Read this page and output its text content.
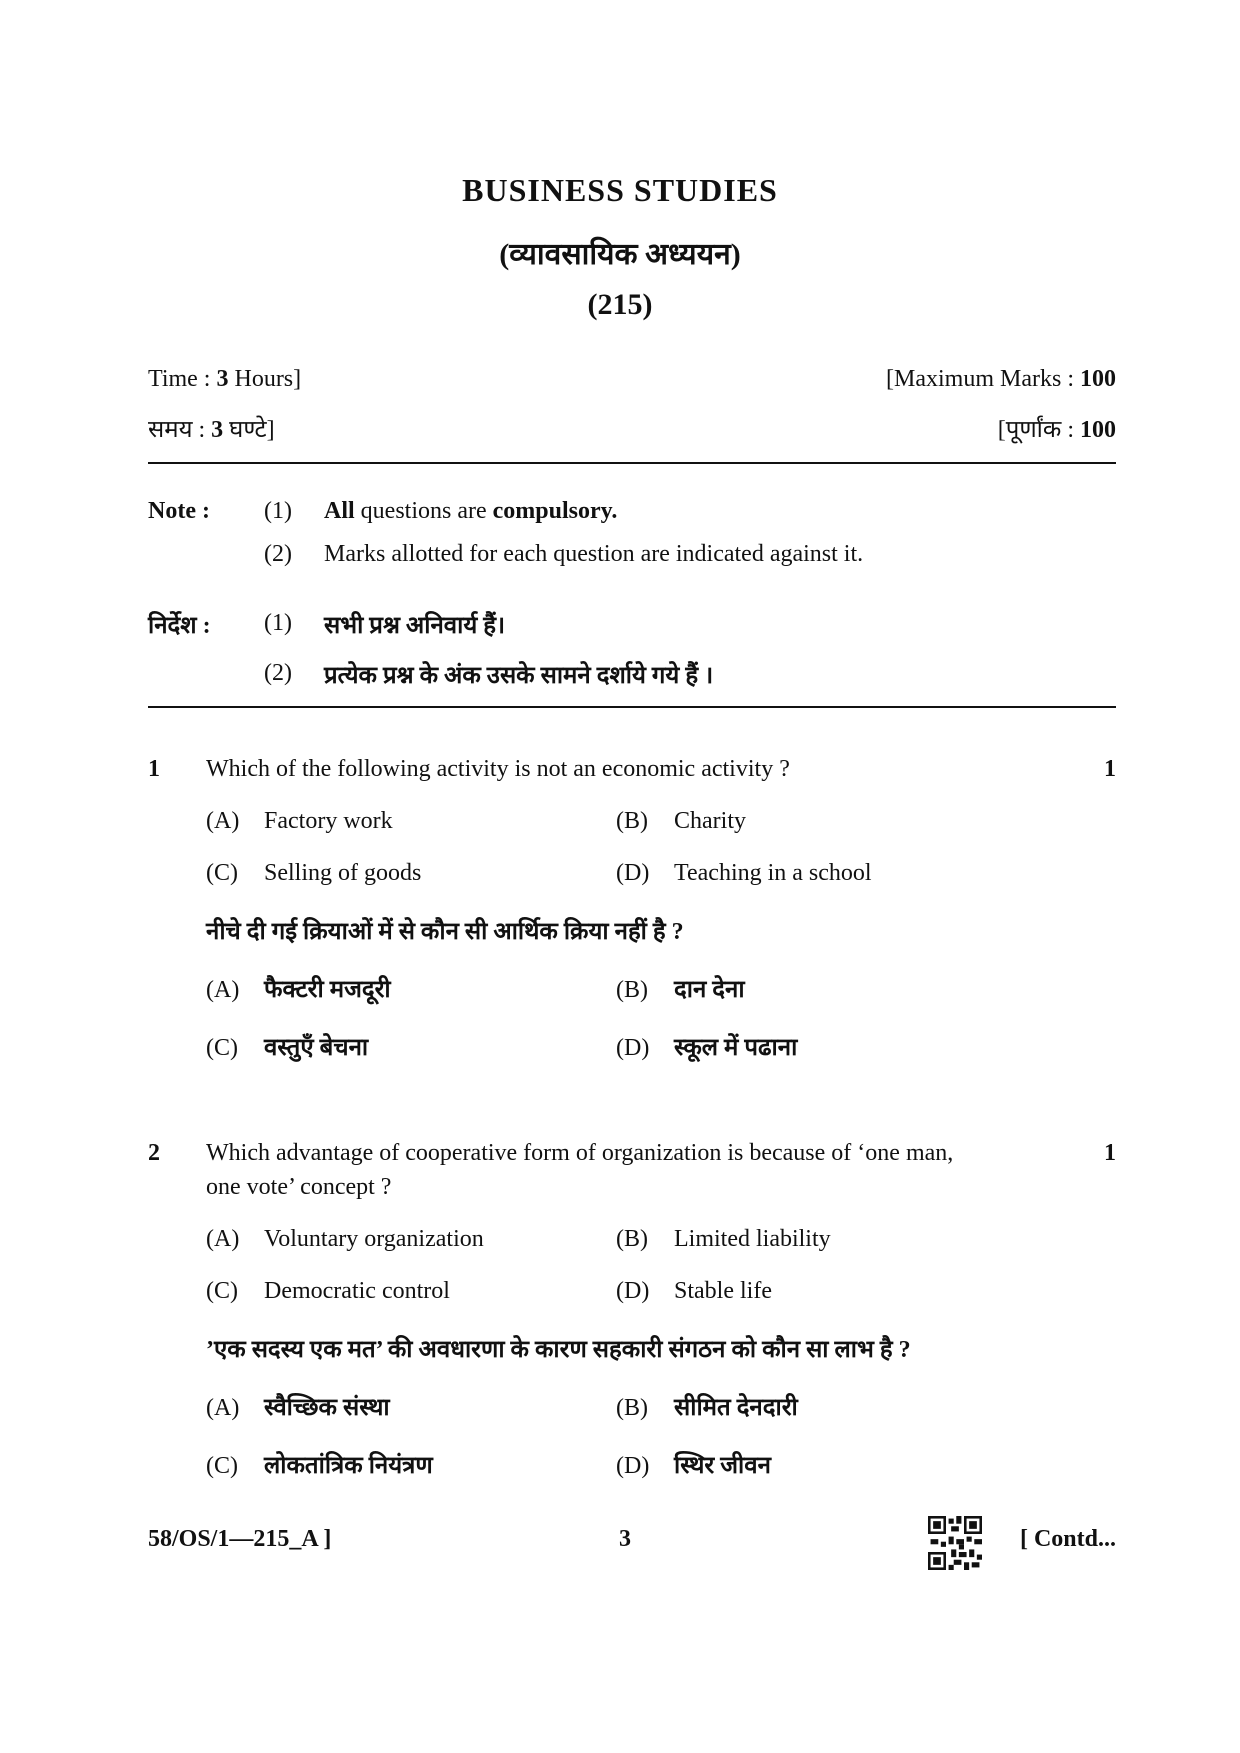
BUSINESS STUDIES
(व्यावसायिक अध्ययन)
(215)
Time : 3 Hours]	[Maximum Marks : 100
समय : 3 घण्टे]	[पूर्णांक : 100
Note : (1) All questions are compulsory.
(2) Marks allotted for each question are indicated against it.
निर्देश : (1) सभी प्रश्न अनिवार्य हैं।
(2) प्रत्येक प्रश्न के अंक उसके सामने दर्शाये गये हैं ।
1 Which of the following activity is not an economic activity ?	1
(A) Factory work	(B) Charity
(C) Selling of goods	(D) Teaching in a school
नीचे दी गई क्रियाओं में से कौन सी आर्थिक क्रिया नहीं है ?
(A) फैक्टरी मजदूरी	(B) दान देना
(C) वस्तुएँ बेचना	(D) स्कूल में पढाना
2 Which advantage of cooperative form of organization is because of ‘one man,
one vote’ concept ?
1
(A) Voluntary organization	(B) Limited liability
(C) Democratic control	(D) Stable life
’एक सदस्य एक मत’ की अवधारणा के कारण सहकारी संगठन को कौन सा लाभ है ?
(A) स्वैच्छिक संस्था	(B) सीमित देनदारी
(C) लोकतांत्रिक नियंत्रण	(D) स्थिर जीवन
58/OS/1—215_A ]	3	[ Contd...
